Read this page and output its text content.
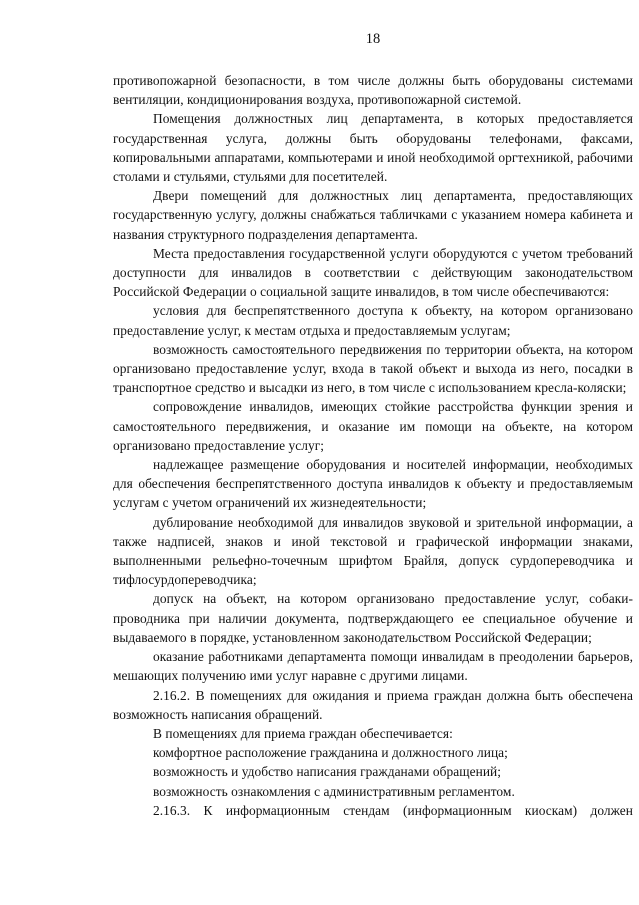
18

противопожарной безопасности, в том числе должны быть оборудованы системами вентиляции, кондиционирования воздуха, противопожарной системой.

Помещения должностных лиц департамента, в которых предоставляется государственная услуга, должны быть оборудованы телефонами, факсами, копировальными аппаратами, компьютерами и иной необходимой оргтехникой, рабочими столами и стульями, стульями для посетителей.

Двери помещений для должностных лиц департамента, предоставляющих государственную услугу, должны снабжаться табличками с указанием номера кабинета и названия структурного подразделения департамента.

Места предоставления государственной услуги оборудуются с учетом требований доступности для инвалидов в соответствии с действующим законодательством Российской Федерации о социальной защите инвалидов, в том числе обеспечиваются:

условия для беспрепятственного доступа к объекту, на котором организовано предоставление услуг, к местам отдыха и предоставляемым услугам;

возможность самостоятельного передвижения по территории объекта, на котором организовано предоставление услуг, входа в такой объект и выхода из него, посадки в транспортное средство и высадки из него, в том числе с использованием кресла-коляски;

сопровождение инвалидов, имеющих стойкие расстройства функции зрения и самостоятельного передвижения, и оказание им помощи на объекте, на котором организовано предоставление услуг;

надлежащее размещение оборудования и носителей информации, необходимых для обеспечения беспрепятственного доступа инвалидов к объекту и предоставляемым услугам с учетом ограничений их жизнедеятельности;

дублирование необходимой для инвалидов звуковой и зрительной информации, а также надписей, знаков и иной текстовой и графической информации знаками, выполненными рельефно-точечным шрифтом Брайля, допуск сурдопереводчика и тифлосурдопереводчика;

допуск на объект, на котором организовано предоставление услуг, собаки-проводника при наличии документа, подтверждающего ее специальное обучение и выдаваемого в порядке, установленном законодательством Российской Федерации;

оказание работниками департамента помощи инвалидам в преодолении барьеров, мешающих получению ими услуг наравне с другими лицами.

2.16.2. В помещениях для ожидания и приема граждан должна быть обеспечена возможность написания обращений.

В помещениях для приема граждан обеспечивается:

комфортное расположение гражданина и должностного лица;

возможность и удобство написания гражданами обращений;

возможность ознакомления с административным регламентом.

2.16.3. К информационным стендам (информационным киоскам) должен
